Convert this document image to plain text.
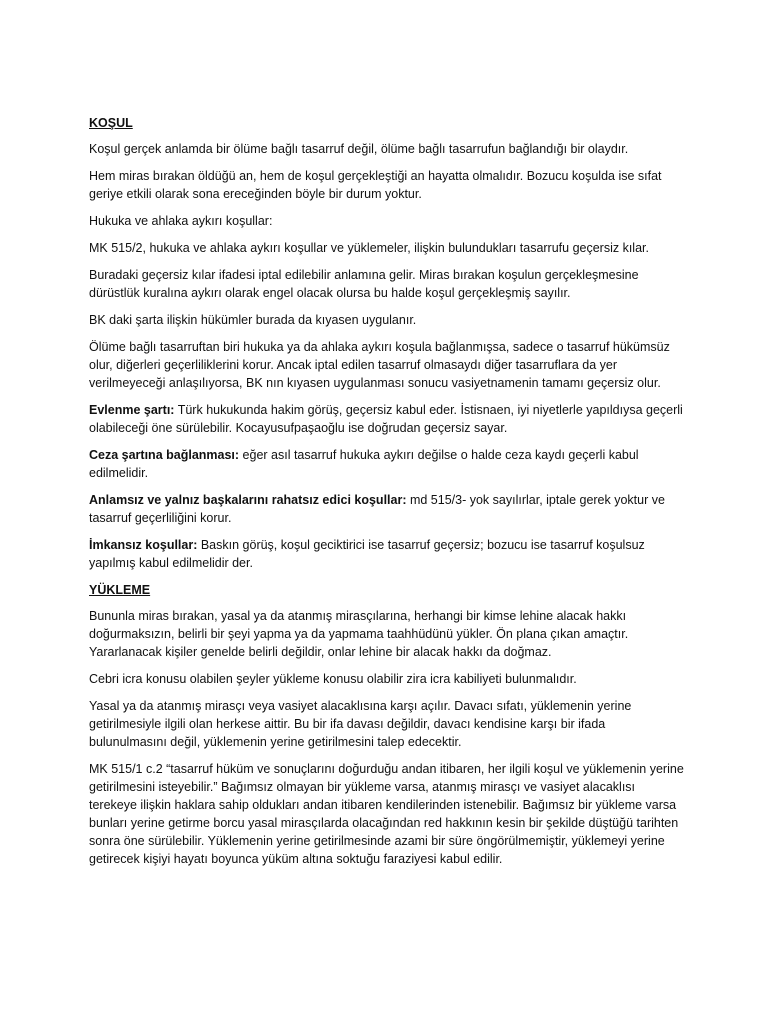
KOŞUL

Koşul gerçek anlamda bir ölüme bağlı tasarruf değil, ölüme bağlı tasarrufun bağlandığı bir olaydır.

Hem miras bırakan öldüğü an, hem de koşul gerçekleştiği an hayatta olmalıdır. Bozucu koşulda ise sıfat geriye etkili olarak sona ereceğinden böyle bir durum yoktur.

Hukuka ve ahlaka aykırı koşullar:

MK 515/2, hukuka ve ahlaka aykırı koşullar ve yüklemeler, ilişkin bulundukları tasarrufu geçersiz kılar.

Buradaki geçersiz kılar ifadesi iptal edilebilir anlamına gelir. Miras bırakan koşulun gerçekleşmesine dürüstlük kuralına aykırı olarak engel olacak olursa bu halde koşul gerçekleşmiş sayılır.

BK daki şarta ilişkin hükümler burada da kıyasen uygulanır.

Ölüme bağlı tasarruftan biri hukuka ya da ahlaka aykırı koşula bağlanmışsa, sadece o tasarruf hükümsüz olur, diğerleri geçerliliklerini korur. Ancak iptal edilen tasarruf olmasaydı diğer tasarruflara da yer verilmeyeceği anlaşılıyorsa, BK nın kıyasen uygulanması sonucu vasiyetnamenin tamamı geçersiz olur.

Evlenme şartı: Türk hukukunda hakim görüş, geçersiz kabul eder. İstisnaen, iyi niyetlerle yapıldıysa geçerli olabileceği öne sürülebilir. Kocayusufpaşaoğlu ise doğrudan geçersiz sayar.

Ceza şartına bağlanması: eğer asıl tasarruf hukuka aykırı değilse o halde ceza kaydı geçerli kabul edilmelidir.

Anlamsız ve yalnız başkalarını rahatsız edici koşullar: md 515/3- yok sayılırlar, iptale gerek yoktur ve tasarruf geçerliliğini korur.

İmkansız koşullar: Baskın görüş, koşul geciktirici ise tasarruf geçersiz; bozucu ise tasarruf koşulsuz yapılmış kabul edilmelidir der.

YÜKLEME

Bununla miras bırakan, yasal ya da atanmış mirasçılarına, herhangi bir kimse lehine alacak hakkı doğurmaksızın, belirli bir şeyi yapma ya da yapmama taahhüdünü yükler. Ön plana çıkan amaçtır. Yararlanacak kişiler genelde belirli değildir, onlar lehine bir alacak hakkı da doğmaz.

Cebri icra konusu olabilen şeyler yükleme konusu olabilir zira icra kabiliyeti bulunmalıdır.

Yasal ya da atanmış mirasçı veya vasiyet alacaklısına karşı açılır. Davacı sıfatı, yüklemenin yerine getirilmesiyle ilgili olan herkese aittir. Bu bir ifa davası değildir, davacı kendisine karşı bir ifada bulunulmasını değil, yüklemenin yerine getirilmesini talep edecektir.

MK 515/1 c.2 “tasarruf hüküm ve sonuçlarını doğurduğu andan itibaren, her ilgili koşul ve yüklemenin yerine getirilmesini isteyebilir.” Bağımsız olmayan bir yükleme varsa, atanmış mirasçı ve vasiyet alacaklısı terekeye ilişkin haklara sahip oldukları andan itibaren kendilerinden istenebilir. Bağımsız bir yükleme varsa bunları yerine getirme borcu yasal mirasçılarda olacağından red hakkının kesin bir şekilde düştüğü tarihten sonra öne sürülebilir. Yüklemenin yerine getirilmesinde azami bir süre öngörülmemiştir, yüklemeyi yerine getirecek kişiyi hayatı boyunca yüküm altına soktuğu faraziyesi kabul edilir.
